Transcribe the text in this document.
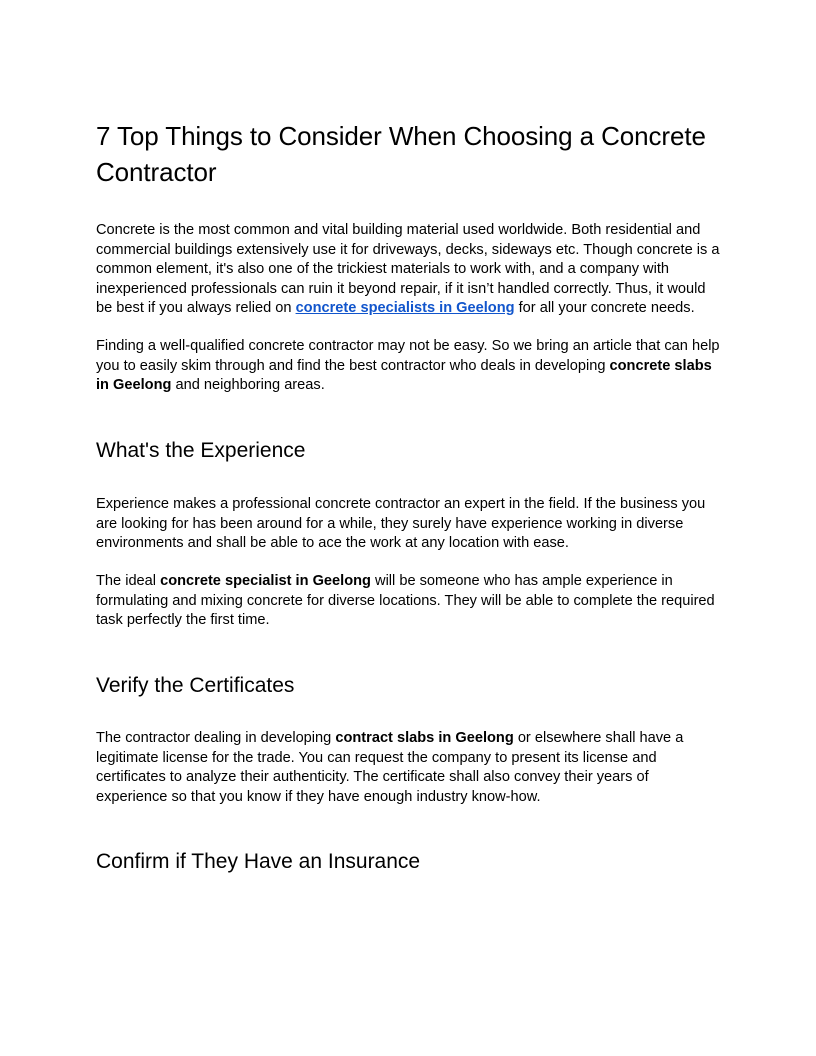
7 Top Things to Consider When Choosing a Concrete Contractor

Concrete is the most common and vital building material used worldwide. Both residential and commercial buildings extensively use it for driveways, decks, sideways etc. Though concrete is a common element, it's also one of the trickiest materials to work with, and a company with inexperienced professionals can ruin it beyond repair, if it isn’t handled correctly. Thus, it would be best if you always relied on concrete specialists in Geelong for all your concrete needs.

Finding a well-qualified concrete contractor may not be easy. So we bring an article that can help you to easily skim through and find the best contractor who deals in developing concrete slabs in Geelong and neighboring areas.

What's the Experience

Experience makes a professional concrete contractor an expert in the field. If the business you are looking for has been around for a while, they surely have experience working in diverse environments and shall be able to ace the work at any location with ease.

The ideal concrete specialist in Geelong will be someone who has ample experience in formulating and mixing concrete for diverse locations. They will be able to complete the required task perfectly the first time.

Verify the Certificates

The contractor dealing in developing contract slabs in Geelong or elsewhere shall have a legitimate license for the trade. You can request the company to present its license and certificates to analyze their authenticity. The certificate shall also convey their years of experience so that you know if they have enough industry know-how.

Confirm if They Have an Insurance
